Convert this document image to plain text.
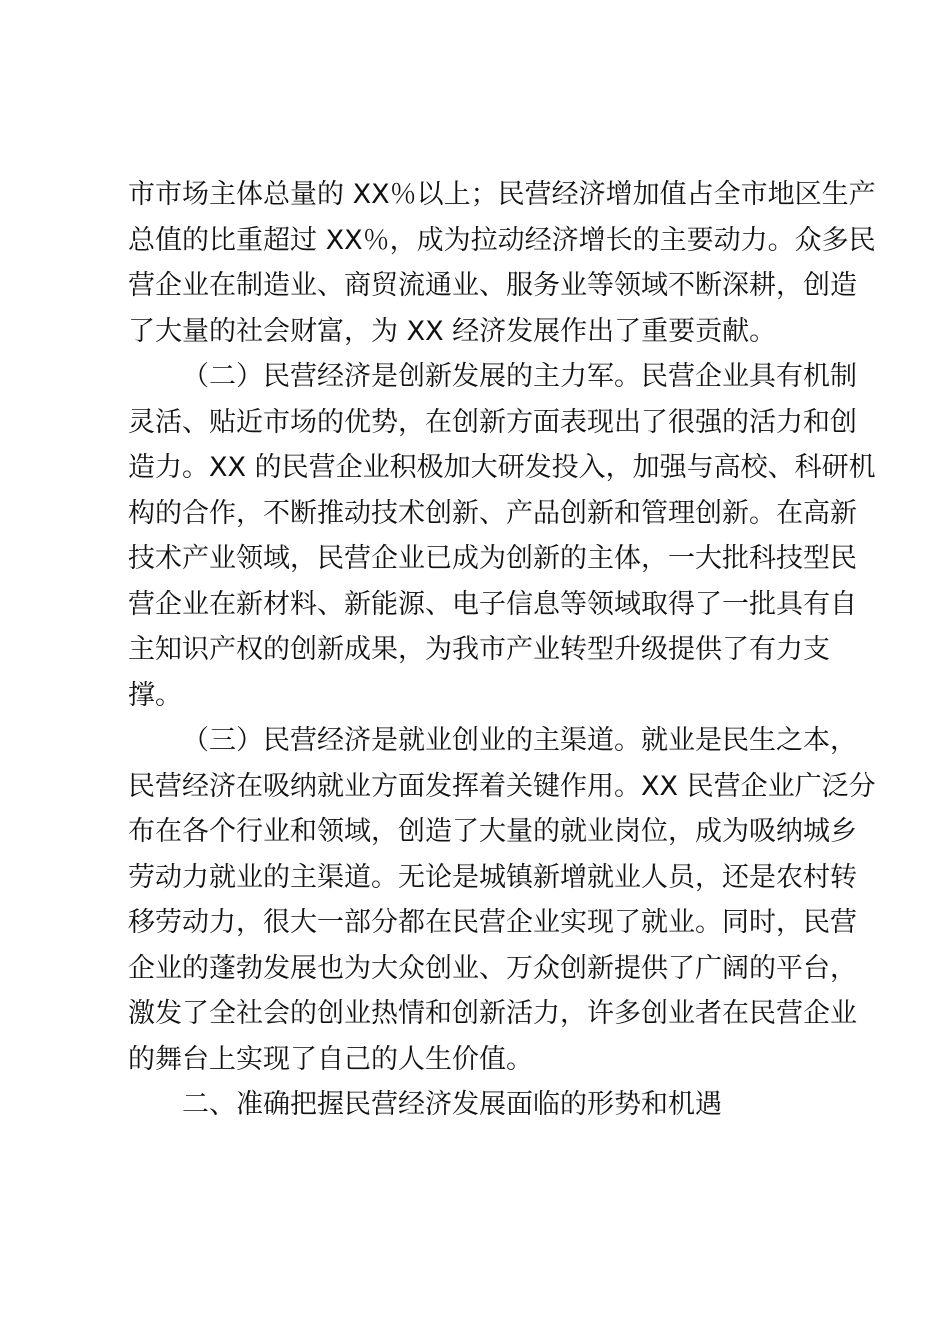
市市场主体总量的 XX％以上；民营经济增加值占全市地区生产
总值的比重超过 XX％，成为拉动经济增长的主要动力。众多民
营企业在制造业、商贸流通业、服务业等领域不断深耕，创造
了大量的社会财富，为 XX 经济发展作出了重要贡献。
（二）民营经济是创新发展的主力军。民营企业具有机制
灵活、贴近市场的优势，在创新方面表现出了很强的活力和创
造力。XX 的民营企业积极加大研发投入，加强与高校、科研机
构的合作，不断推动技术创新、产品创新和管理创新。在高新
技术产业领域，民营企业已成为创新的主体，一大批科技型民
营企业在新材料、新能源、电子信息等领域取得了一批具有自
主知识产权的创新成果，为我市产业转型升级提供了有力支
撑。
（三）民营经济是就业创业的主渠道。就业是民生之本，
民营经济在吸纳就业方面发挥着关键作用。XX 民营企业广泛分
布在各个行业和领域，创造了大量的就业岗位，成为吸纳城乡
劳动力就业的主渠道。无论是城镇新增就业人员，还是农村转
移劳动力，很大一部分都在民营企业实现了就业。同时，民营
企业的蓬勃发展也为大众创业、万众创新提供了广阔的平台，
激发了全社会的创业热情和创新活力，许多创业者在民营企业
的舞台上实现了自己的人生价值。
二、准确把握民营经济发展面临的形势和机遇
